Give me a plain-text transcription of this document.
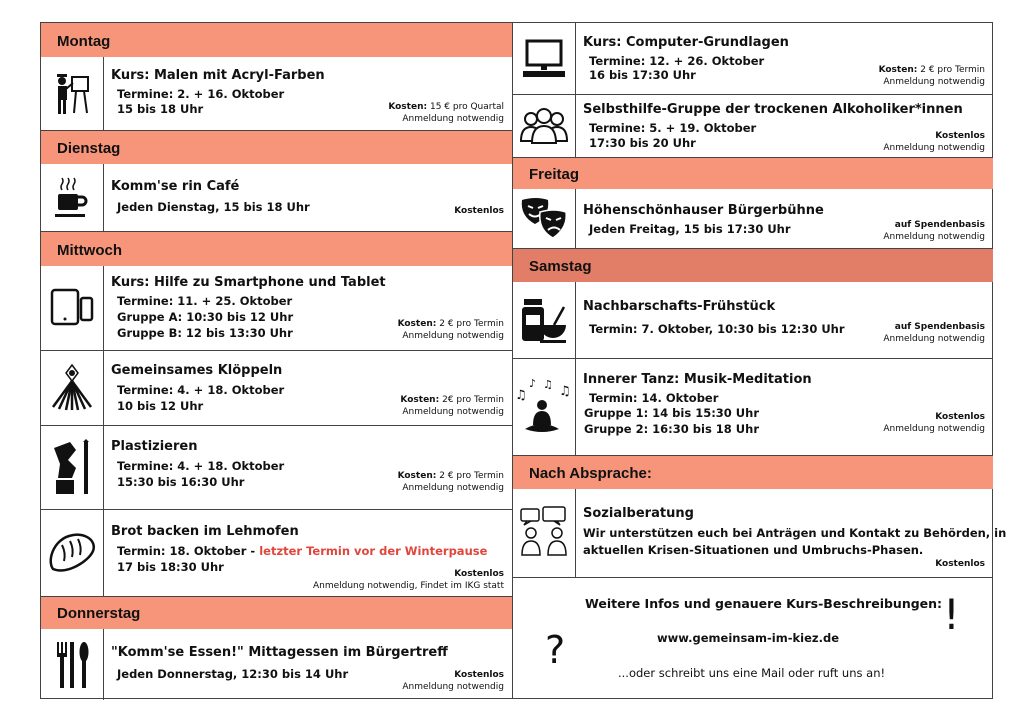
Montag
Kurs: Malen mit Acryl-Farben
Termine: 2. + 16. Oktober
15 bis 18 Uhr	Kosten: 15 € pro Quartal
Anmeldung notwendig
Dienstag
Komm'se rin Café
Jeden Dienstag, 15 bis 18 Uhr	Kostenlos
Mittwoch
Kurs: Hilfe zu Smartphone und Tablet
Termine: 11. + 25. Oktober
Gruppe A: 10:30 bis 12 Uhr
Gruppe B: 12 bis 13:30 Uhr
Kosten: 2 € pro Termin
Anmeldung notwendig
Gemeinsames Klöppeln
Termine: 4. + 18. Oktober
10 bis 12 Uhr	Kosten: 2€ pro Termin
Anmeldung notwendig
Plastizieren
Termine: 4. + 18. Oktober
15:30 bis 16:30 Uhr	Kosten: 2 € pro Termin
Anmeldung notwendig
Brot backen im Lehmofen
Termin: 18. Oktober - letzter Termin vor der Winterpause
17 bis 18:30 Uhr	Kostenlos
Anmeldung notwendig, Findet im IKG statt
Donnerstag
"Komm'se Essen!" Mittagessen im Bürgertreff
Jeden Donnerstag, 12:30 bis 14 Uhr	Kostenlos
Anmeldung notwendig
Kurs: Computer-Grundlagen
Termine: 12. + 26. Oktober
16 bis 17:30 Uhr	Kosten: 2 € pro Termin
Anmeldung notwendig
Selbsthilfe-Gruppe der trockenen Alkoholiker*innen
Termine: 5. + 19. Oktober
17:30 bis 20 Uhr	Kostenlos
Anmeldung notwendig
Freitag
Höhenschönhauser Bürgerbühne
Jeden Freitag, 15 bis 17:30 Uhr	auf Spendenbasis
Anmeldung notwendig
Samstag
Nachbarschafts-Frühstück
Termin: 7. Oktober, 10:30 bis 12:30 Uhr	auf Spendenbasis
Anmeldung notwendig
♫
♪ ♫ ♫
Innerer Tanz: Musik-Meditation
Termin: 14. Oktober
Gruppe 1: 14 bis 15:30 Uhr
Gruppe 2: 16:30 bis 18 Uhr
Kostenlos
Anmeldung notwendig
Nach Absprache:
Sozialberatung
Wir unterstützen euch bei Anträgen und Kontakt zu Behörden, in
aktuellen Krisen-Situationen und Umbruchs-Phasen.
Kostenlos
?
!
Weitere Infos und genauere Kurs-Beschreibungen:
www.gemeinsam-im-kiez.de
...oder schreibt uns eine Mail oder ruft uns an!
